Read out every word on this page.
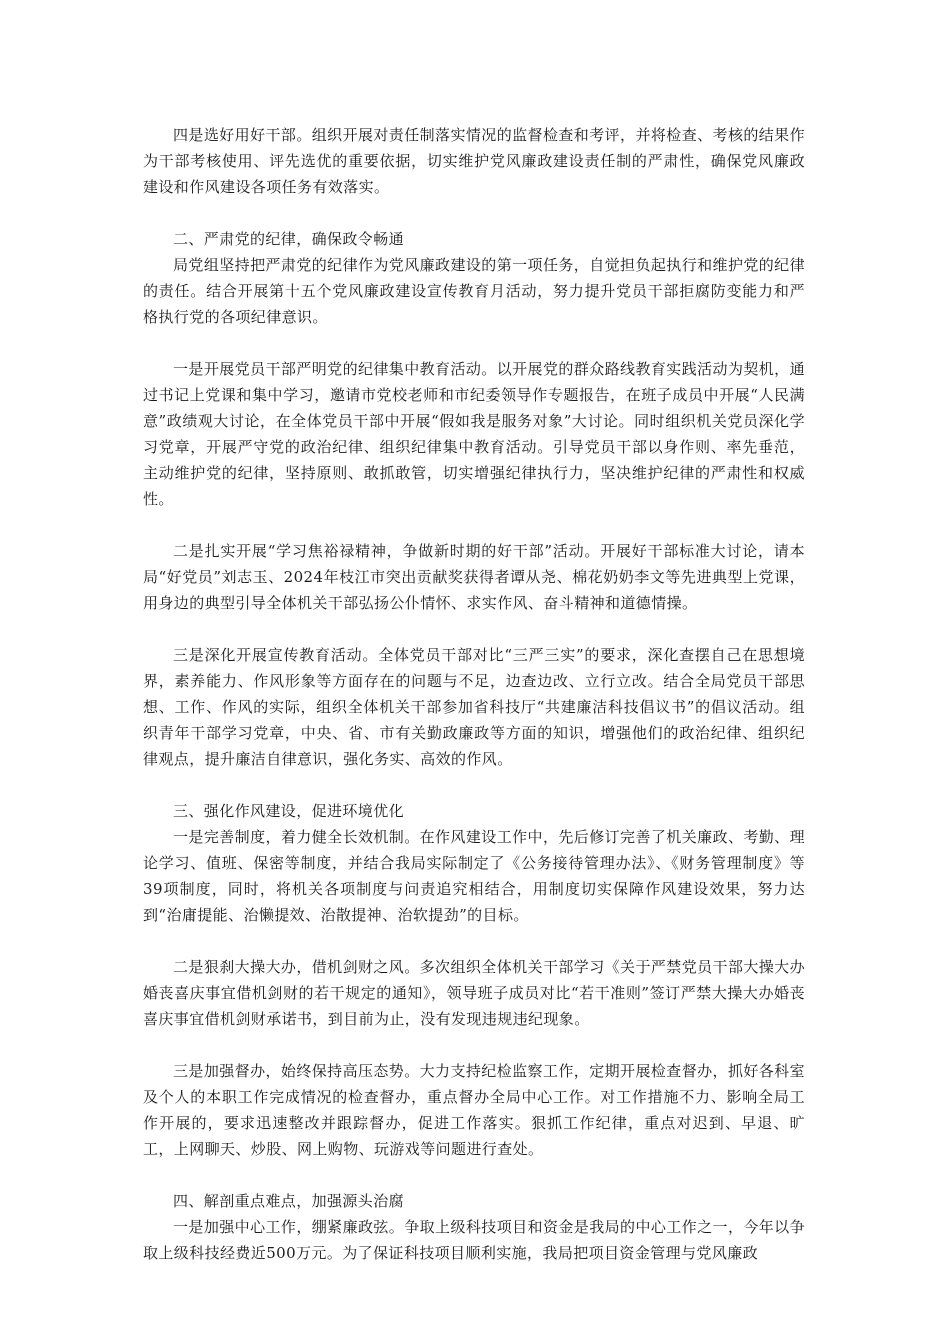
四是选好用好干部。组织开展对责任制落实情况的监督检查和考评，并将检查、考核的结果作为干部考核使用、评先选优的重要依据，切实维护党风廉政建设责任制的严肃性，确保党风廉政建设和作风建设各项任务有效落实。

二、严肃党的纪律，确保政令畅通

局党组坚持把严肃党的纪律作为党风廉政建设的第一项任务，自觉担负起执行和维护党的纪律的责任。结合开展第十五个党风廉政建设宣传教育月活动，努力提升党员干部拒腐防变能力和严格执行党的各项纪律意识。

一是开展党员干部严明党的纪律集中教育活动。以开展党的群众路线教育实践活动为契机，通过书记上党课和集中学习，邀请市党校老师和市纪委领导作专题报告，在班子成员中开展“人民满意”政绩观大讨论，在全体党员干部中开展“假如我是服务对象”大讨论。同时组织机关党员深化学习党章，开展严守党的政治纪律、组织纪律集中教育活动。引导党员干部以身作则、率先垂范，主动维护党的纪律，坚持原则、敢抓敢管，切实增强纪律执行力，坚决维护纪律的严肃性和权威性。

二是扎实开展“学习焦裕禄精神，争做新时期的好干部”活动。开展好干部标准大讨论，请本局“好党员”刘志玉、2024年枝江市突出贡献奖获得者谭从尧、棉花奶奶李文等先进典型上党课，用身边的典型引导全体机关干部弘扬公仆情怀、求实作风、奋斗精神和道德情操。

三是深化开展宣传教育活动。全体党员干部对比“三严三实”的要求，深化查摆自己在思想境界，素养能力、作风形象等方面存在的问题与不足，边查边改、立行立改。结合全局党员干部思想、工作、作风的实际，组织全体机关干部参加省科技厅“共建廉洁科技倡议书”的倡议活动。组织青年干部学习党章，中央、省、市有关勤政廉政等方面的知识，增强他们的政治纪律、组织纪律观点，提升廉洁自律意识，强化务实、高效的作风。

三、强化作风建设，促进环境优化

一是完善制度，着力健全长效机制。在作风建设工作中，先后修订完善了机关廉政、考勤、理论学习、值班、保密等制度，并结合我局实际制定了《公务接待管理办法》、《财务管理制度》等39项制度，同时，将机关各项制度与问责追究相结合，用制度切实保障作风建设效果，努力达到“治庸提能、治懒提效、治散提神、治软提劲”的目标。

二是狠刹大操大办，借机剑财之风。多次组织全体机关干部学习《关于严禁党员干部大操大办婚丧喜庆事宜借机剑财的若干规定的通知》，领导班子成员对比“若干准则”签订严禁大操大办婚丧喜庆事宜借机剑财承诺书，到目前为止，没有发现违规违纪现象。

三是加强督办，始终保持高压态势。大力支持纪检监察工作，定期开展检查督办，抓好各科室及个人的本职工作完成情况的检查督办，重点督办全局中心工作。对工作措施不力、影响全局工作开展的，要求迅速整改并跟踪督办，促进工作落实。狠抓工作纪律，重点对迟到、早退、旷工，上网聊天、炒股、网上购物、玩游戏等问题进行查处。

四、解剖重点难点，加强源头治腐

一是加强中心工作，绷紧廉政弦。争取上级科技项目和资金是我局的中心工作之一，今年以争取上级科技经费近500万元。为了保证科技项目顺利实施，我局把项目资金管理与党风廉政
